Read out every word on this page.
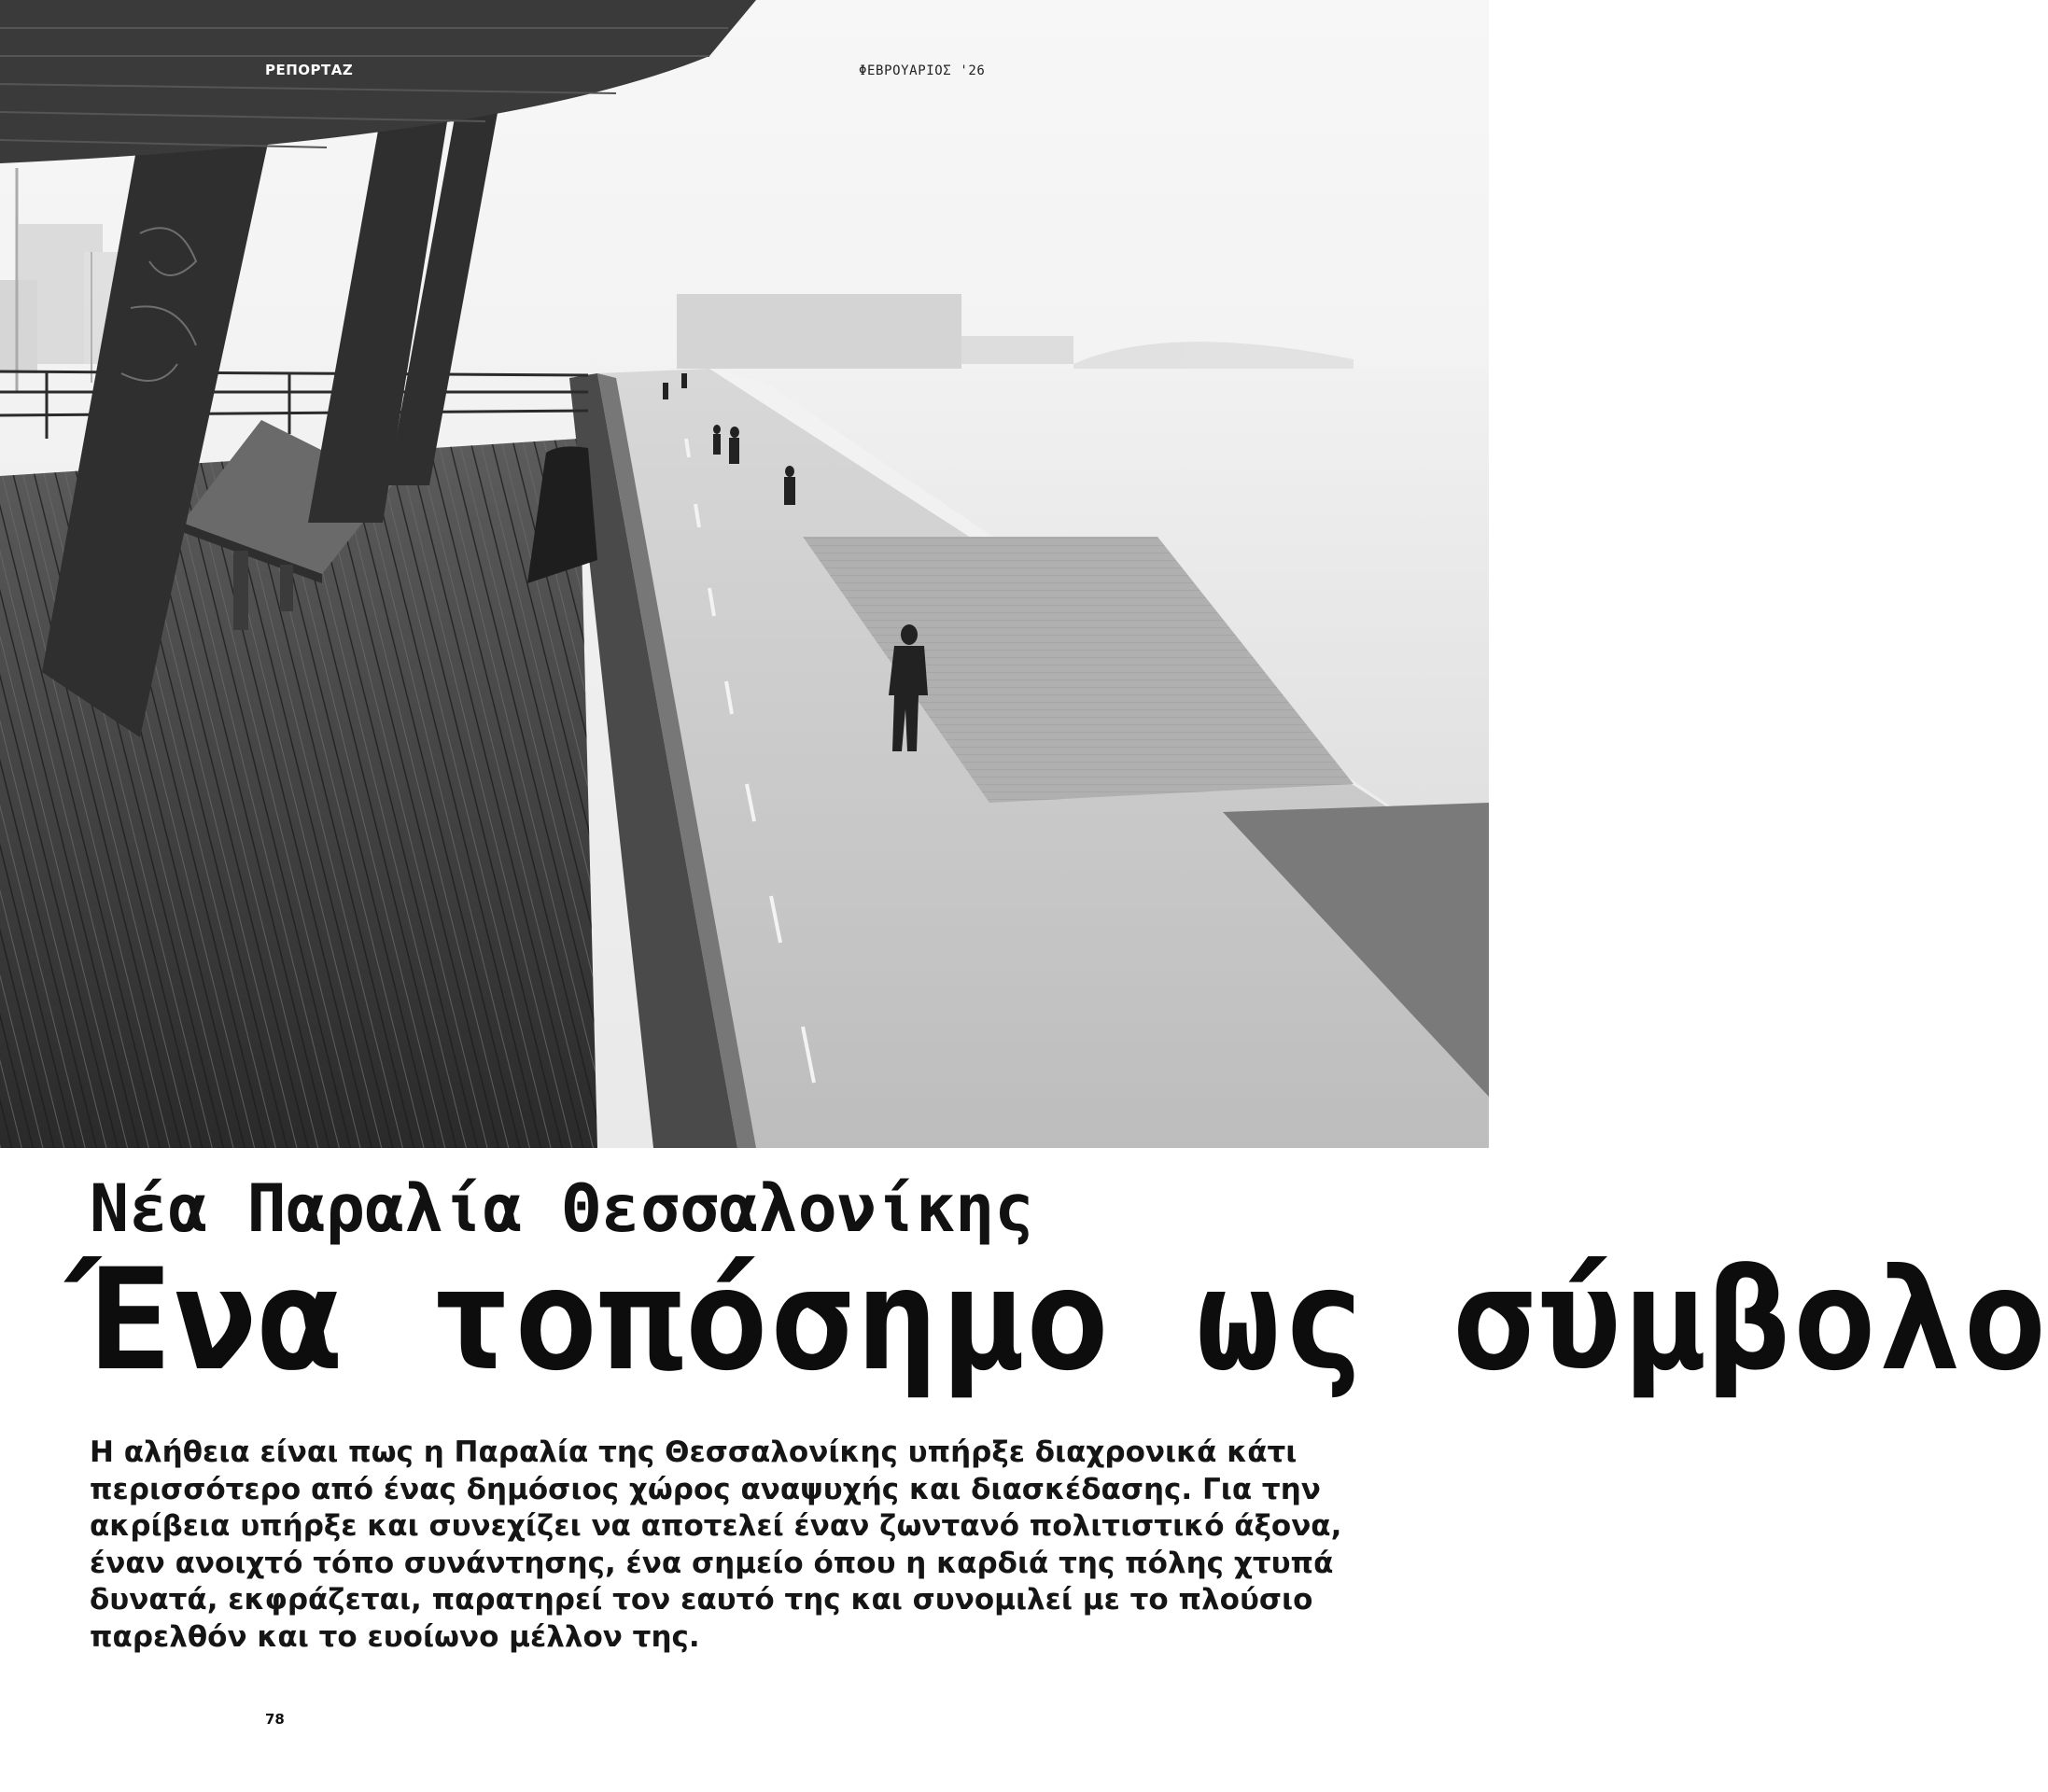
ΡΕΠΟΡΤΑΖ	ΦΕΒΡΟΥΑΡΙΟΣ '26

Νέα Παραλία Θεσσαλονίκης
Ένα τοπόσημο ως σύμβολο

Η αλήθεια είναι πως η Παραλία της Θεσσαλονίκης υπήρξε διαχρονικά κάτι περισσότερο από ένας δημόσιος χώρος αναψυχής και διασκέδασης. Για την ακρίβεια υπήρξε και συνεχίζει να αποτελεί έναν ζωντανό πολιτιστικό άξονα, έναν ανοιχτό τόπο συνάντησης, ένα σημείο όπου η καρδιά της πόλης χτυπά δυνατά, εκφράζεται, παρατηρεί τον εαυτό της και συνομιλεί με το πλούσιο παρελθόν και το ευοίωνο μέλλον της.

78
